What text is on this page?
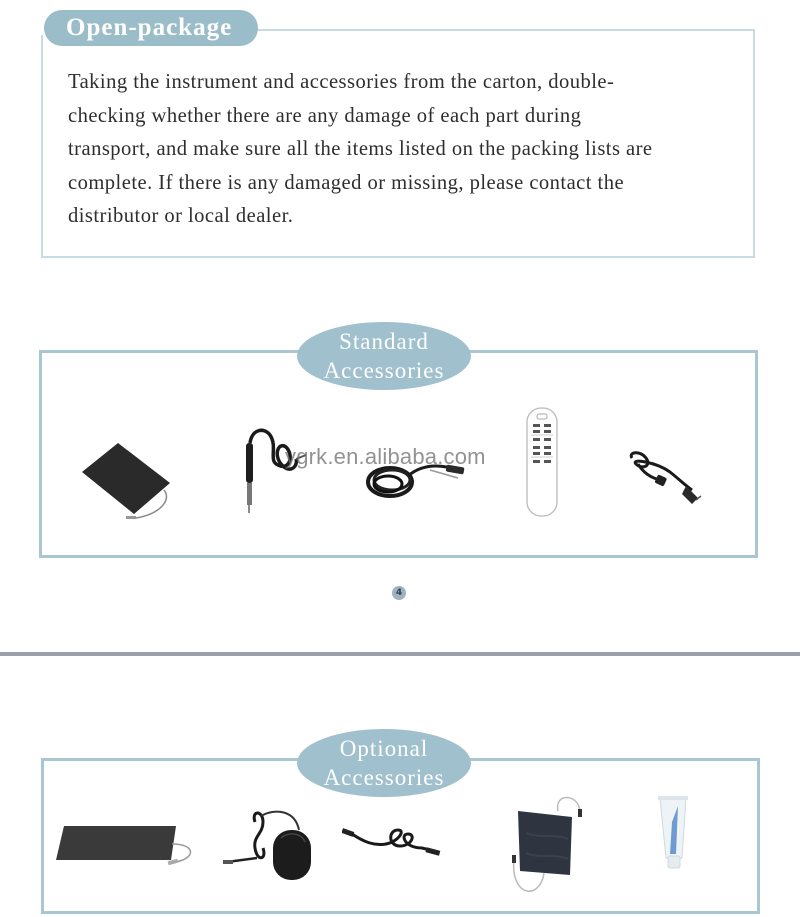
Open-package
Taking the instrument and accessories from the carton, double-
checking whether there are any damage of each part during
transport, and make sure all the items listed on the packing lists are
complete. If there is any damaged or missing, please contact the
distributor or local dealer.
Standard
Accessories
ygrk.en.alibaba.com
4
Optional
Accessories
